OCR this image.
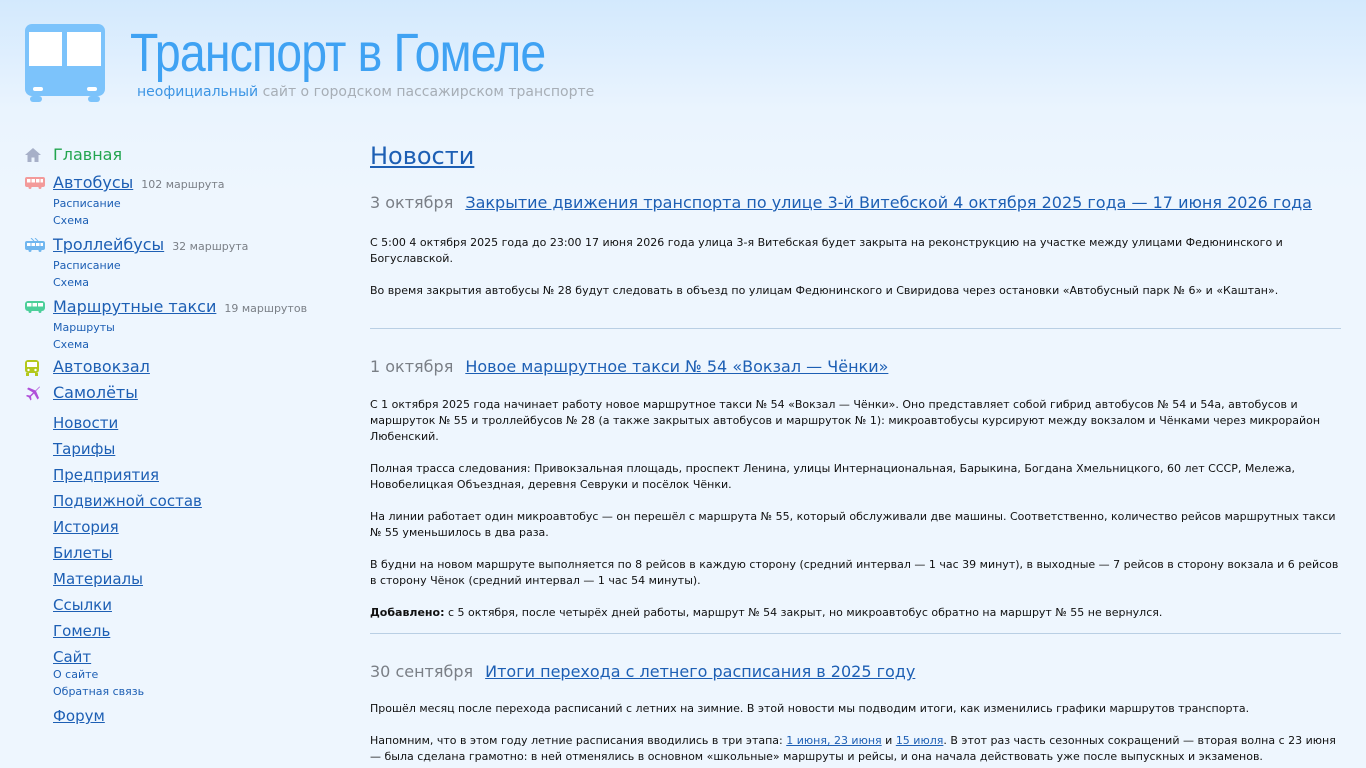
Транспорт в Гомеле
неофициальный сайт о городском пассажирском транспорте
Главная
Автобусы 102 маршрута
Расписание
Схема
Троллейбусы 32 маршрута
Расписание
Схема
Маршрутные такси 19 маршрутов
Маршруты
Схема
Автовокзал
Самолёты
Новости
Тарифы
Предприятия
Подвижной состав
История
Билеты
Материалы
Ссылки
Гомель
Сайт
О сайте
Обратная связь
Форум
Новости
3 октября Закрытие движения транспорта по улице 3-й Витебской 4 октября 2025 года — 17 июня 2026 года

С 5:00 4 октября 2025 года до 23:00 17 июня 2026 года улица 3-я Витебская будет закрыта на реконструкцию на участке между улицами Федюнинского и Богуславской.

Во время закрытия автобусы № 28 будут следовать в объезд по улицам Федюнинского и Свиридова через остановки «Автобусный парк № 6» и «Каштан».

1 октября Новое маршрутное такси № 54 «Вокзал — Чёнки»

С 1 октября 2025 года начинает работу новое маршрутное такси № 54 «Вокзал — Чёнки». Оно представляет собой гибрид автобусов № 54 и 54а, автобусов и маршруток № 55 и троллейбусов № 28 (а также закрытых автобусов и маршруток № 1): микроавтобусы курсируют между вокзалом и Чёнками через микрорайон Любенский.

Полная трасса следования: Привокзальная площадь, проспект Ленина, улицы Интернациональная, Барыкина, Богдана Хмельницкого, 60 лет СССР, Мележа, Новобелицкая Объездная, деревня Севруки и посёлок Чёнки.

На линии работает один микроавтобус — он перешёл с маршрута № 55, который обслуживали две машины. Соответственно, количество рейсов маршрутных такси № 55 уменьшилось в два раза.

В будни на новом маршруте выполняется по 8 рейсов в каждую сторону (средний интервал — 1 час 39 минут), в выходные — 7 рейсов в сторону вокзала и 6 рейсов в сторону Чёнок (средний интервал — 1 час 54 минуты).

Добавлено: с 5 октября, после четырёх дней работы, маршрут № 54 закрыт, но микроавтобус обратно на маршрут № 55 не вернулся.

30 сентября Итоги перехода с летнего расписания в 2025 году

Прошёл месяц после перехода расписаний с летних на зимние. В этой новости мы подводим итоги, как изменились графики маршрутов транспорта.

Напомним, что в этом году летние расписания вводились в три этапа: 1 июня, 23 июня и 15 июля. В этот раз часть сезонных сокращений — вторая волна с 23 июня — была сделана грамотно: в ней отменялись в основном «школьные» маршруты и рейсы, и она начала действовать уже после выпускных и экзаменов.
